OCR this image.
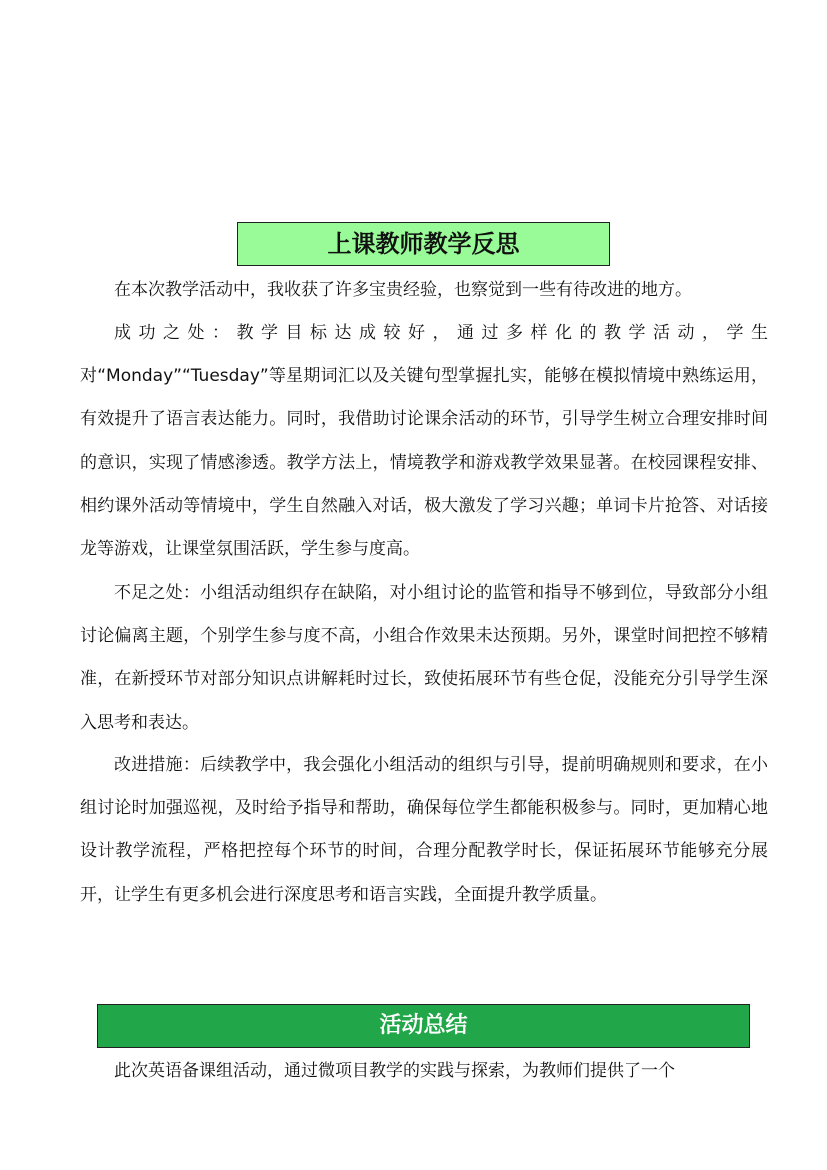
上课教师教学反思

在本次教学活动中，我收获了许多宝贵经验，也察觉到一些有待改进的地方。

成功之处：教学目标达成较好，通过多样化的教学活动，学生对“Monday”“Tuesday”等星期词汇以及关键句型掌握扎实，能够在模拟情境中熟练运用，有效提升了语言表达能力。同时，我借助讨论课余活动的环节，引导学生树立合理安排时间的意识，实现了情感渗透。教学方法上，情境教学和游戏教学效果显著。在校园课程安排、相约课外活动等情境中，学生自然融入对话，极大激发了学习兴趣；单词卡片抢答、对话接龙等游戏，让课堂氛围活跃，学生参与度高。

不足之处：小组活动组织存在缺陷，对小组讨论的监管和指导不够到位，导致部分小组讨论偏离主题，个别学生参与度不高，小组合作效果未达预期。另外，课堂时间把控不够精准，在新授环节对部分知识点讲解耗时过长，致使拓展环节有些仓促，没能充分引导学生深入思考和表达。

改进措施：后续教学中，我会强化小组活动的组织与引导，提前明确规则和要求，在小组讨论时加强巡视，及时给予指导和帮助，确保每位学生都能积极参与。同时，更加精心地设计教学流程，严格把控每个环节的时间，合理分配教学时长，保证拓展环节能够充分展开，让学生有更多机会进行深度思考和语言实践，全面提升教学质量。

活动总结

此次英语备课组活动，通过微项目教学的实践与探索，为教师们提供了一个
